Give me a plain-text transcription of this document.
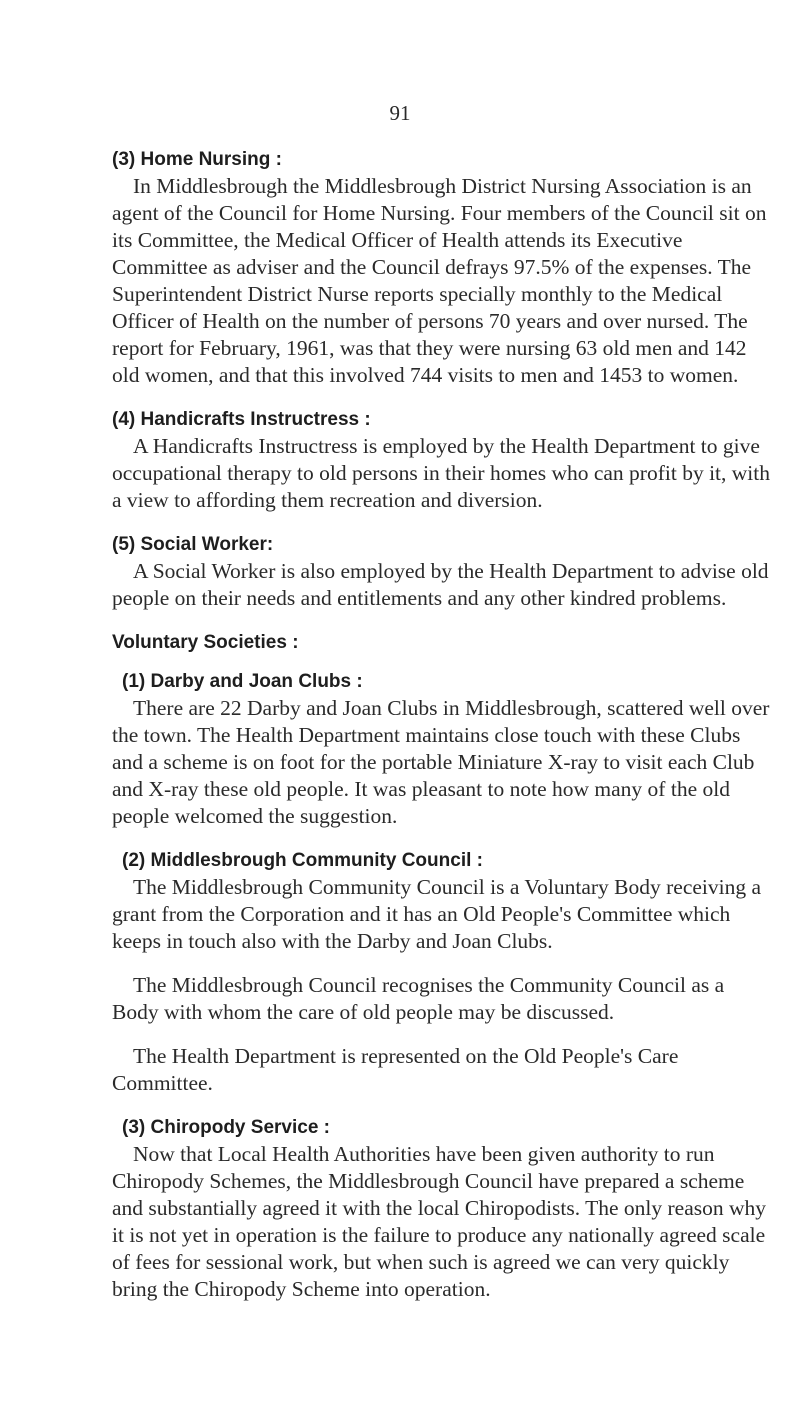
91
(3) Home Nursing :

In Middlesbrough the Middlesbrough District Nursing Association is an agent of the Council for Home Nursing. Four members of the Council sit on its Committee, the Medical Officer of Health attends its Executive Committee as adviser and the Council defrays 97.5% of the expenses. The Superintendent District Nurse reports specially monthly to the Medical Officer of Health on the number of persons 70 years and over nursed. The report for February, 1961, was that they were nursing 63 old men and 142 old women, and that this involved 744 visits to men and 1453 to women.

(4) Handicrafts Instructress :

A Handicrafts Instructress is employed by the Health Department to give occupational therapy to old persons in their homes who can profit by it, with a view to affording them recreation and diversion.

(5) Social Worker:

A Social Worker is also employed by the Health Department to advise old people on their needs and entitlements and any other kindred problems.

Voluntary Societies :
(1) Darby and Joan Clubs :

There are 22 Darby and Joan Clubs in Middlesbrough, scattered well over the town. The Health Department maintains close touch with these Clubs and a scheme is on foot for the portable Miniature X-ray to visit each Club and X-ray these old people. It was pleasant to note how many of the old people welcomed the suggestion.

(2) Middlesbrough Community Council :

The Middlesbrough Community Council is a Voluntary Body receiving a grant from the Corporation and it has an Old People's Committee which keeps in touch also with the Darby and Joan Clubs.

The Middlesbrough Council recognises the Community Council as a Body with whom the care of old people may be discussed.

The Health Department is represented on the Old People's Care Committee.

(3) Chiropody Service :

Now that Local Health Authorities have been given authority to run Chiropody Schemes, the Middlesbrough Council have prepared a scheme and substantially agreed it with the local Chiropodists. The only reason why it is not yet in operation is the failure to produce any nationally agreed scale of fees for sessional work, but when such is agreed we can very quickly bring the Chiropody Scheme into operation.
